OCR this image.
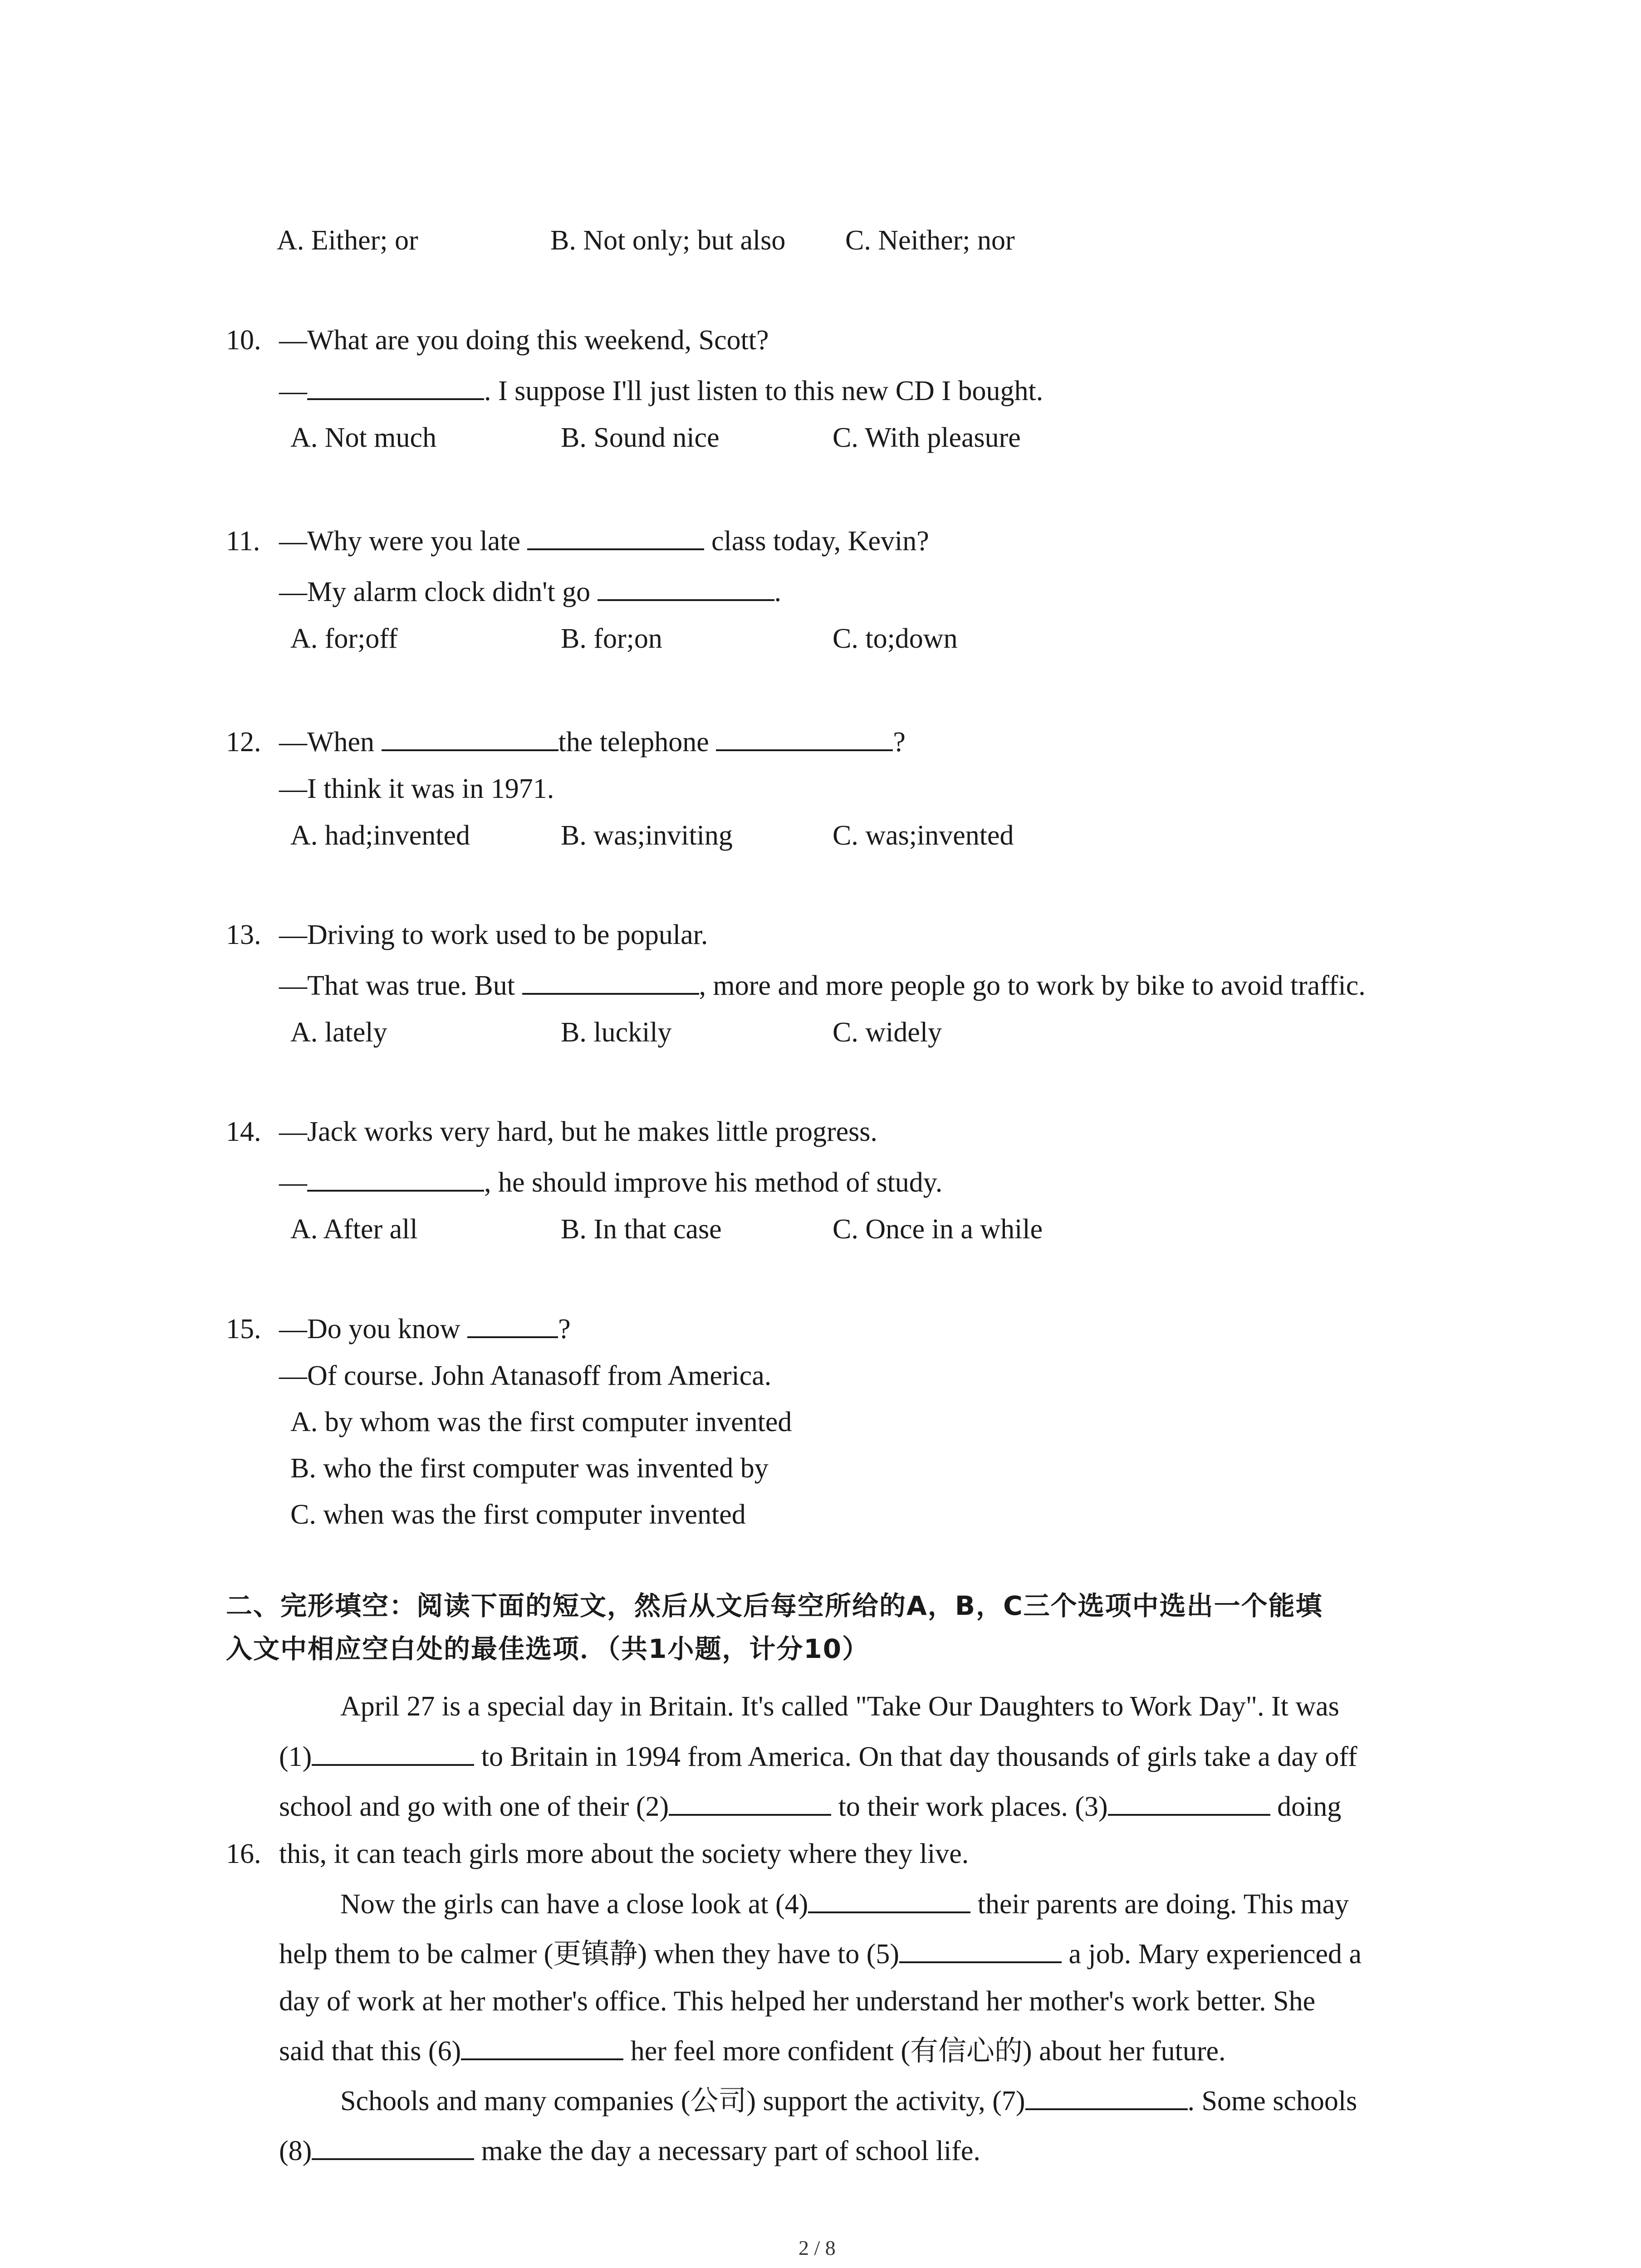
A. Either; or	B. Not only; but also C. Neither; nor
10. —What are you doing this weekend, Scott?
—	. I suppose I'll just listen to this new CD I bought.
A. Not much	B. Sound nice	C. With pleasure
11. —Why were you late	class today, Kevin?
—My alarm clock didn't go	.
A. for;off	B. for;on	C. to;down
12. —When	the telephone	?
—I think it was in 1971.
A. had;invented	B. was;inviting	C. was;invented
13. —Driving to work used to be popular.
—That was true. But	, more and more people go to work by bike to avoid traffic.
A. lately	B. luckily	C. widely
14. —Jack works very hard, but he makes little progress.
—	, he should improve his method of study.
A. After all	B. In that case	C. Once in a while
15. —Do you know	?
—Of course. John Atanasoff from America.
A. by whom was the first computer invented
B. who the first computer was invented by
C. when was the first computer invented
二、完形填空：阅读下面的短文，然后从文后每空所给的A，B，C三个选项中选出一个能填
入文中相应空白处的最佳选项．（共1小题，计分10）
April 27 is a special day in Britain. It's called "Take Our Daughters to Work Day". It was
(1)	to Britain in 1994 from America. On that day thousands of girls take a day off
school and go with one of their (2)	to their work places. (3)	doing
16. this, it can teach girls more about the society where they live.
Now the girls can have a close look at (4)	their parents are doing. This may
help them to be calmer (更镇静) when they have to (5)	a job. Mary experienced a
day of work at her mother's office. This helped her understand her mother's work better. She
said that this (6)	her feel more confident (有信心的) about her future.
Schools and many companies (公司) support the activity, (7)	. Some schools
(8)	make the day a necessary part of school life.
2 / 8
